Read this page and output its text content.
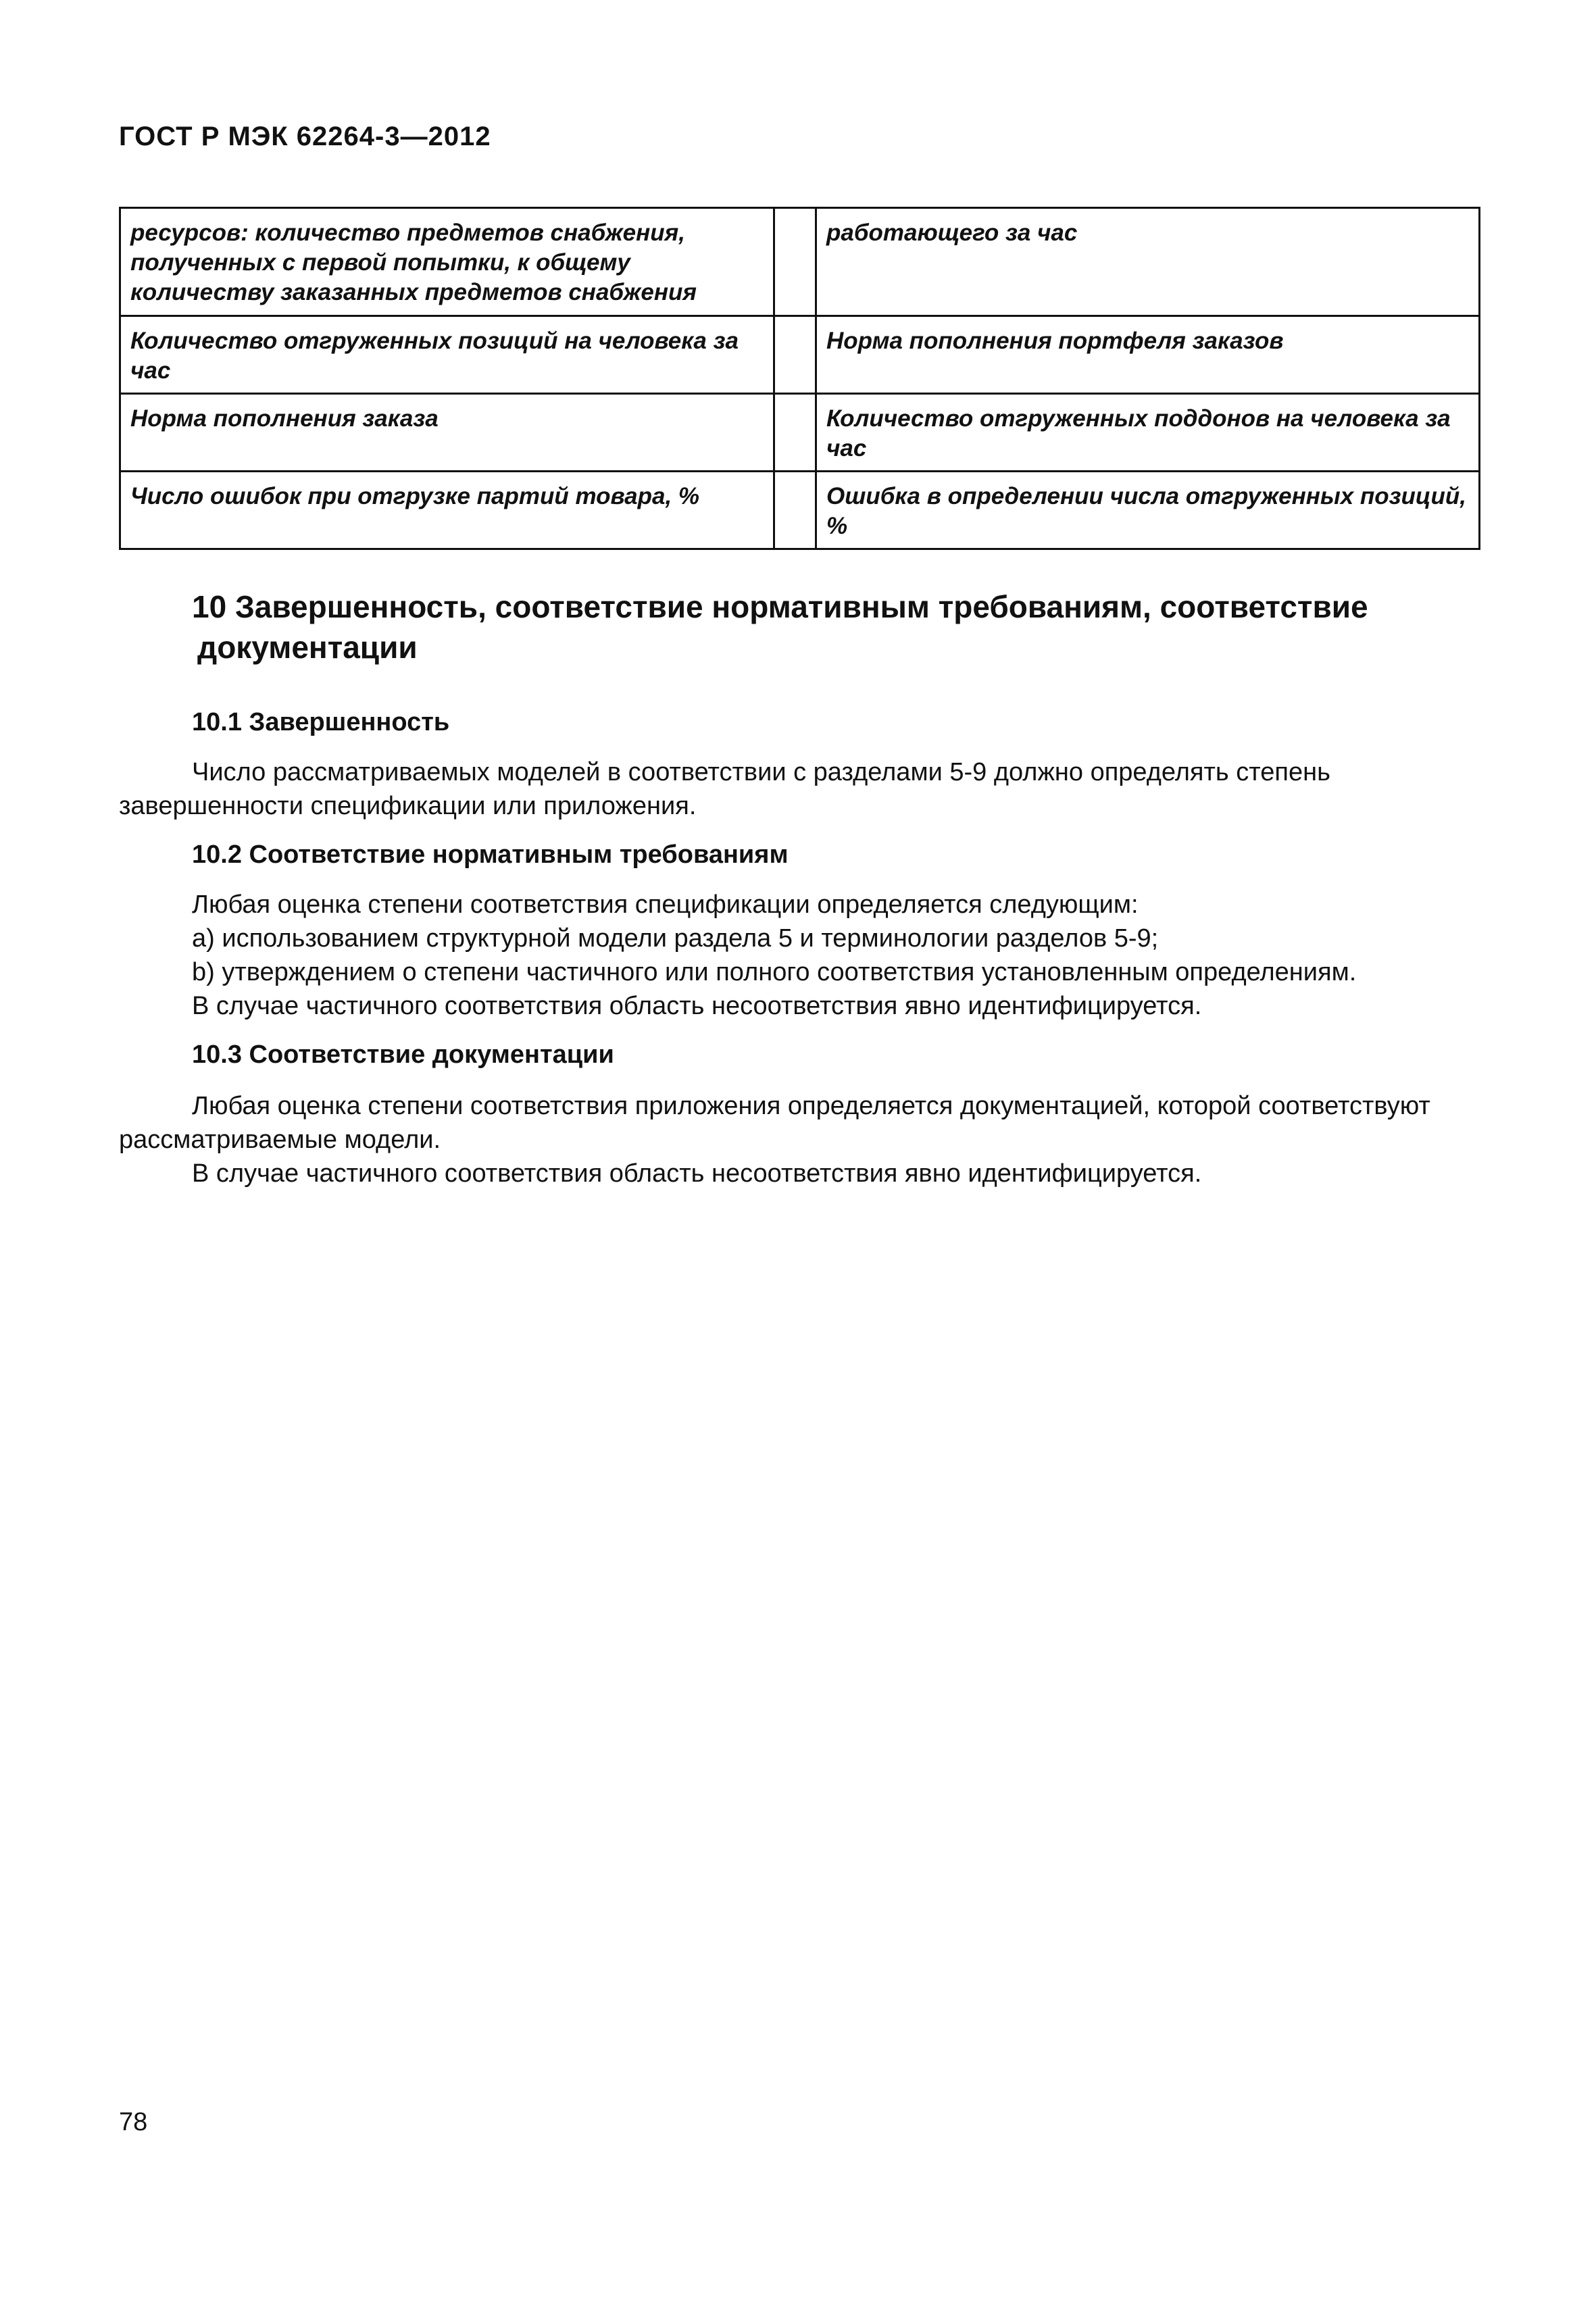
ГОСТ Р МЭК 62264-3—2012
ресурсов: количество предметов снабжения, полученных с первой попытки, к общему количеству заказанных предметов снабжения		работающего за час
Количество отгруженных позиций на человека за час		Норма пополнения портфеля заказов
Норма пополнения заказа		Количество отгруженных поддонов на человека за час
Число ошибок при отгрузке партий товара, %		Ошибка в определении числа отгруженных позиций, %
10 Завершенность, соответствие нормативным требованиям, соответствие
документации
10.1 Завершенность
Число рассматриваемых моделей в соответствии с разделами 5-9 должно определять степень завершенности спецификации или приложения.
10.2 Соответствие нормативным требованиям
Любая оценка степени соответствия спецификации определяется следующим:
a) использованием структурной модели раздела 5 и терминологии разделов 5-9;
b) утверждением о степени частичного или полного соответствия установленным определениям.
В случае частичного соответствия область несоответствия явно идентифицируется.
10.3 Соответствие документации
Любая оценка степени соответствия приложения определяется документацией, которой соответствуют рассматриваемые модели.
В случае частичного соответствия область несоответствия явно идентифицируется.
78
